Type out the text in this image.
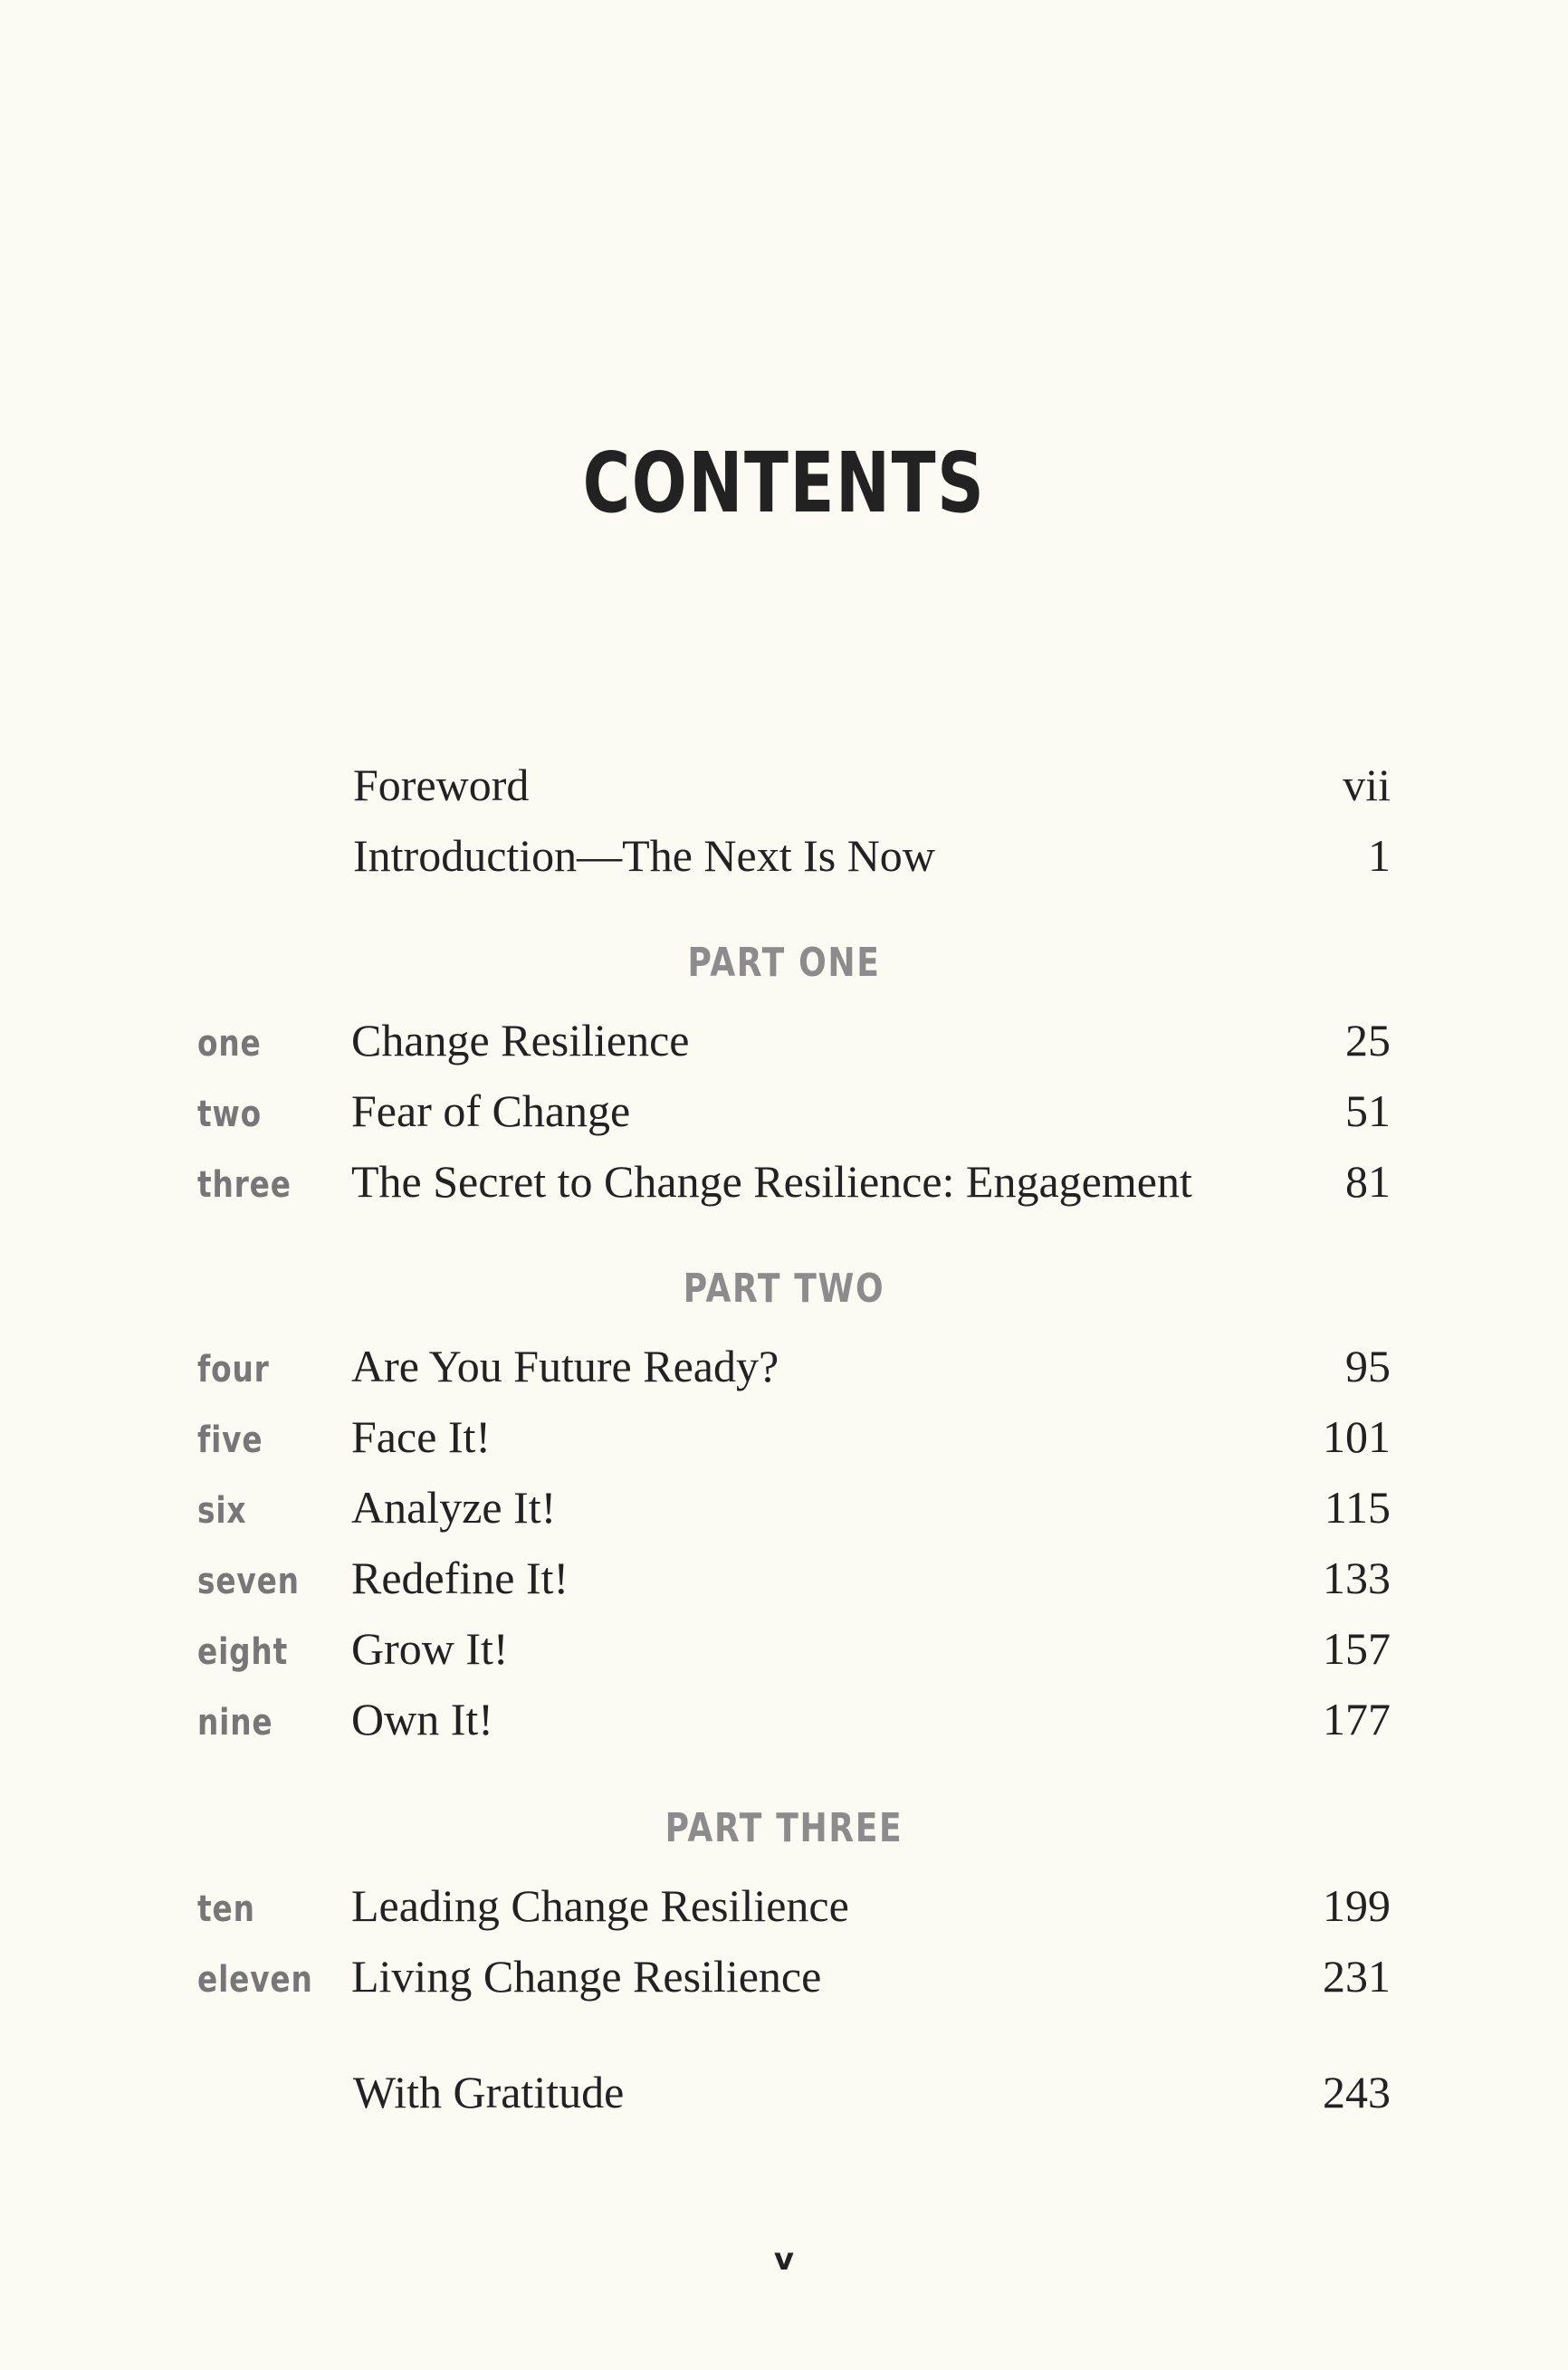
CONTENTS
Foreword	vii
Introduction—The Next Is Now	1
PART ONE
one Change Resilience	25
two Fear of Change	51
three The Secret to Change Resilience: Engagement	81
PART TWO
four Are You Future Ready?	95
five Face It!	101
six Analyze It!	115
seven Redefine It!	133
eight Grow It!	157
nine Own It!	177
PART THREE
ten Leading Change Resilience	199
eleven Living Change Resilience	231
With Gratitude	243
v
